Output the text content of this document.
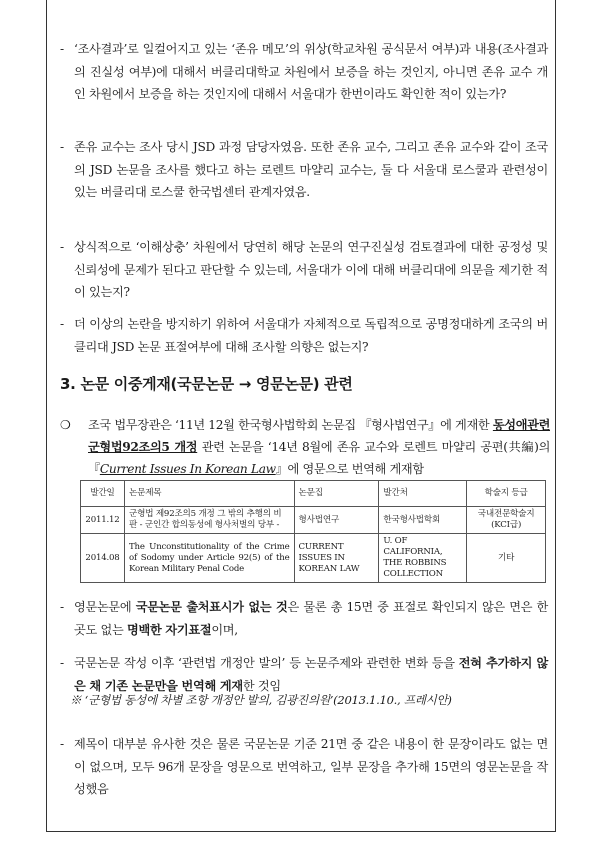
- ‘조사결과’로 일컬어지고 있는 ‘존유 메모’의 위상(학교차원 공식문서 여부)과 내용(조사결과의 진실성 여부)에 대해서 버클리대학교 차원에서 보증을 하는 것인지, 아니면 존유 교수 개인 차원에서 보증을 하는 것인지에 대해서 서울대가 한번이라도 확인한 적이 있는가?
- 존유 교수는 조사 당시 JSD 과정 담당자였음. 또한 존유 교수, 그리고 존유 교수와 같이 조국의 JSD 논문을 조사를 했다고 하는 로렌트 마얄리 교수는, 둘 다 서울대 로스쿨과 관련성이 있는 버클리대 로스쿨 한국법센터 관계자였음.
- 상식적으로 ‘이해상충’ 차원에서 당연히 해당 논문의 연구진실성 검토결과에 대한 공정성 및 신뢰성에 문제가 된다고 판단할 수 있는데, 서울대가 이에 대해 버클리대에 의문을 제기한 적이 있는지?
- 더 이상의 논란을 방지하기 위하여 서울대가 자체적으로 독립적으로 공명정대하게 조국의 버클리대 JSD 논문 표절여부에 대해 조사할 의향은 없는지?
3. 논문 이중게재(국문논문 → 영문논문) 관련
❍	조국 법무장관은 ‘11년 12월 한국형사법학회 논문집 『형사법연구』에 게재한 동성애관련 군형법92조의5 개정 관련 논문을 ‘14년 8월에 존유 교수와 로렌트 마얄리 공편(共編)의 『Current Issues In Korean Law』에 영문으로 번역해 게재함
발간일	논문제목	논문집	발간처	학술지 등급
2011.12	군형법 제92조의5 개정 그 밖의 추행의 비판 - 군인간 합의동성에 형사처벌의 당부 -	형사법연구	한국형사법학회	국내전문학술지(KCI급)
2014.08	The Unconstitutionality of the Crime of Sodomy under Article 92(5) of the Korean Military Penal Code	CURRENT ISSUES IN KOREAN LAW	U. OF CALIFORNIA, THE ROBBINS COLLECTION	기타
- 영문논문에 국문논문 출처표시가 없는 것은 물론 총 15면 중 표절로 확인되지 않은 면은 한 곳도 없는 명백한 자기표절이며,
- 국문논문 작성 이후 ‘관련법 개정안 발의’ 등 논문주제와 관련한 변화 등을 전혀 추가하지 않은 채 기존 논문만을 번역해 게재한 것임
※ ‘군형법 동성에 차별 조항 개정안 발의, 김광진의원’(2013.1.10., 프레시안)
- 제목이 대부분 유사한 것은 물론 국문논문 기준 21면 중 같은 내용이 한 문장이라도 없는 면이 없으며, 모두 96개 문장을 영문으로 번역하고, 일부 문장을 추가해 15면의 영문논문을 작성했음
